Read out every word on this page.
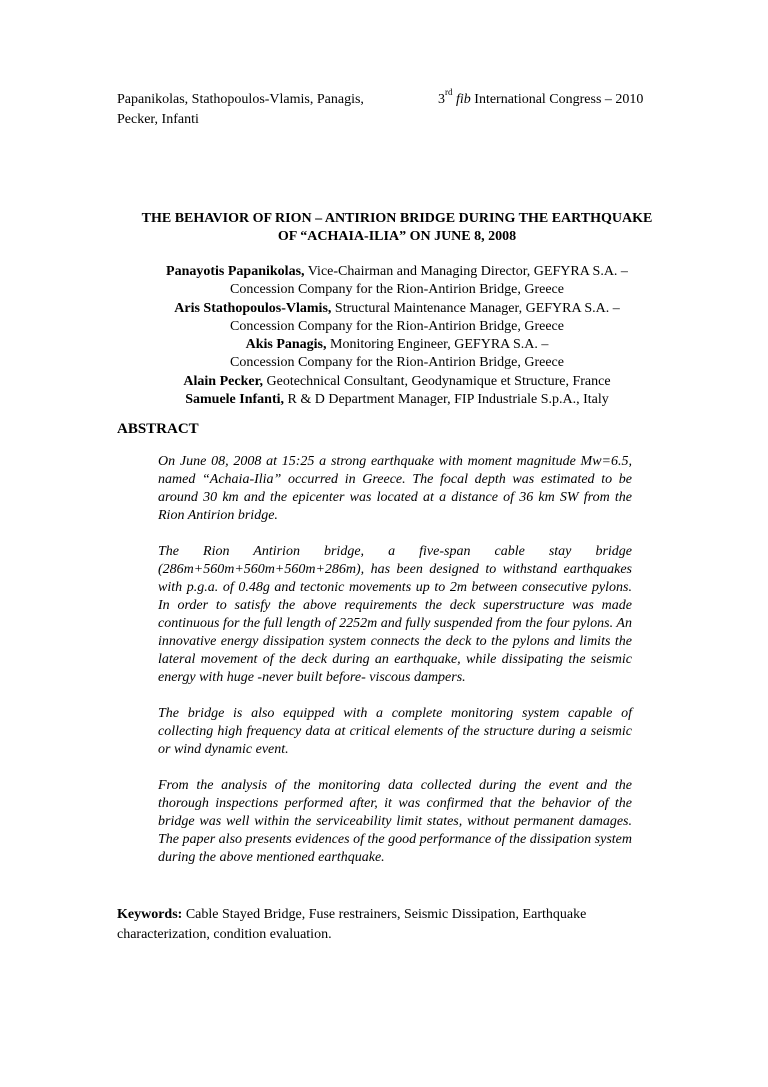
Papanikolas, Stathopoulos-Vlamis, Panagis,
Pecker, Infanti
3rd fib International Congress – 2010
THE BEHAVIOR OF RION – ANTIRION BRIDGE DURING THE EARTHQUAKE
OF “ACHAIA-ILIA” ON JUNE 8, 2008
Panayotis Papanikolas, Vice-Chairman and Managing Director, GEFYRA S.A. –
Concession Company for the Rion-Antirion Bridge, Greece
Aris Stathopoulos-Vlamis, Structural Maintenance Manager, GEFYRA S.A. –
Concession Company for the Rion-Antirion Bridge, Greece
Akis Panagis, Monitoring Engineer, GEFYRA S.A. –
Concession Company for the Rion-Antirion Bridge, Greece
Alain Pecker, Geotechnical Consultant, Geodynamique et Structure, France
Samuele Infanti, R & D Department Manager, FIP Industriale S.p.A., Italy
ABSTRACT

On June 08, 2008 at 15:25 a strong earthquake with moment magnitude Mw=6.5, named “Achaia-Ilia” occurred in Greece. The focal depth was estimated to be around 30 km and the epicenter was located at a distance of 36 km SW from the Rion Antirion bridge.

The Rion Antirion bridge, a five-span cable stay bridge (286m+560m+560m+560m+286m), has been designed to withstand earthquakes with p.g.a. of 0.48g and tectonic movements up to 2m between consecutive pylons. In order to satisfy the above requirements the deck superstructure was made continuous for the full length of 2252m and fully suspended from the four pylons. An innovative energy dissipation system connects the deck to the pylons and limits the lateral movement of the deck during an earthquake, while dissipating the seismic energy with huge -never built before- viscous dampers.

The bridge is also equipped with a complete monitoring system capable of collecting high frequency data at critical elements of the structure during a seismic or wind dynamic event.

From the analysis of the monitoring data collected during the event and the thorough inspections performed after, it was confirmed that the behavior of the bridge was well within the serviceability limit states, without permanent damages. The paper also presents evidences of the good performance of the dissipation system during the above mentioned earthquake.

Keywords: Cable Stayed Bridge, Fuse restrainers, Seismic Dissipation, Earthquake characterization, condition evaluation.
